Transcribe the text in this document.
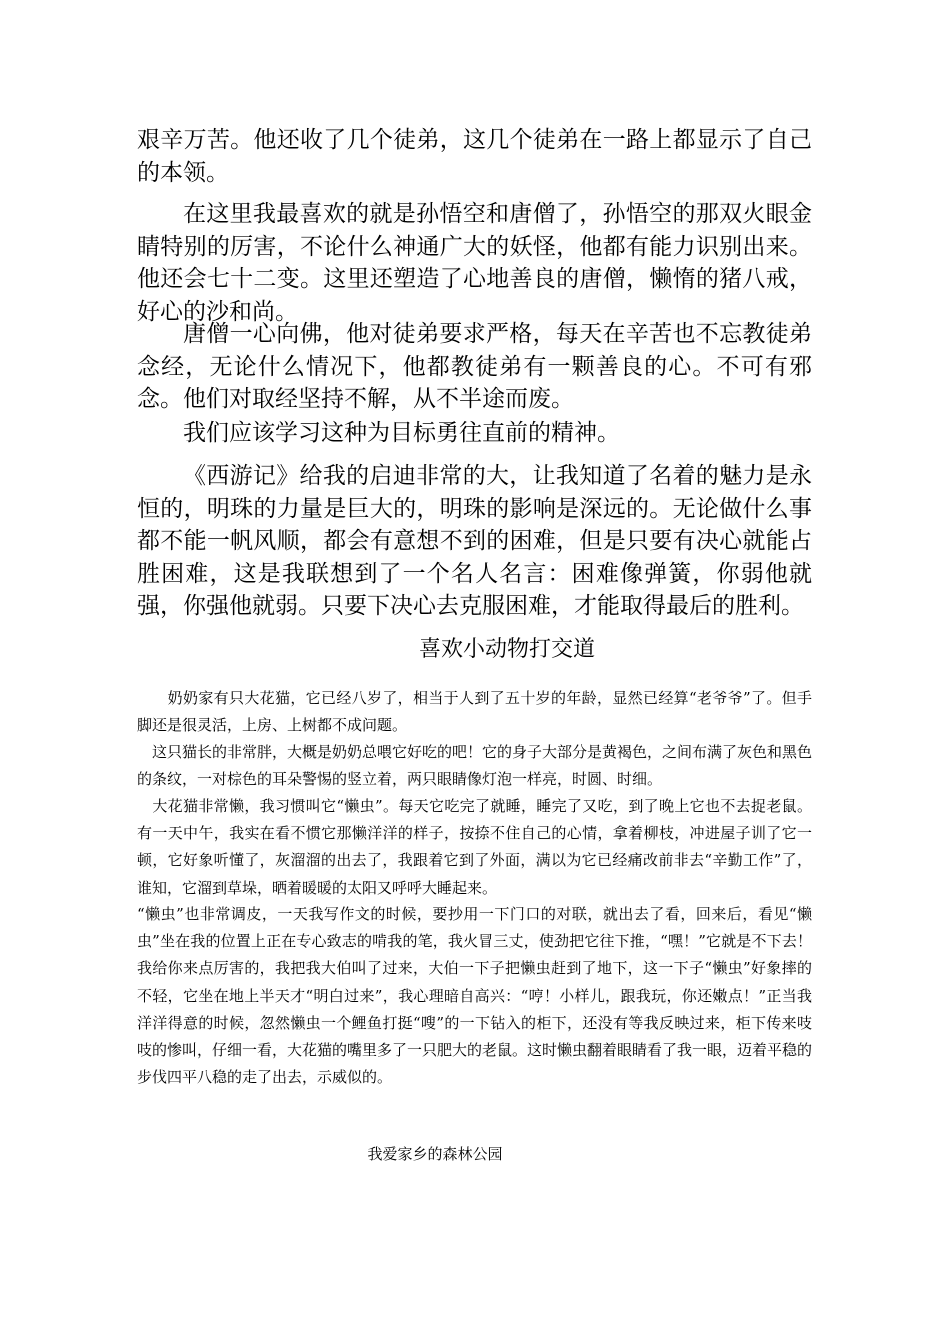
艰辛万苦。他还收了几个徒弟，这几个徒弟在一路上都显示了自己的本领。

在这里我最喜欢的就是孙悟空和唐僧了，孙悟空的那双火眼金睛特别的厉害，不论什么神通广大的妖怪，他都有能力识别出来。他还会七十二变。这里还塑造了心地善良的唐僧，懒惰的猪八戒，好心的沙和尚。

唐僧一心向佛，他对徒弟要求严格，每天在辛苦也不忘教徒弟念经，无论什么情况下，他都教徒弟有一颗善良的心。不可有邪念。他们对取经坚持不解，从不半途而废。

我们应该学习这种为目标勇往直前的精神。

《西游记》给我的启迪非常的大，让我知道了名着的魅力是永恒的，明珠的力量是巨大的，明珠的影响是深远的。无论做什么事都不能一帆风顺，都会有意想不到的困难，但是只要有决心就能占胜困难，这是我联想到了一个名人名言：困难像弹簧，你弱他就强，你强他就弱。只要下决心去克服困难，才能取得最后的胜利。

喜欢小动物打交道

　　奶奶家有只大花猫，它已经八岁了，相当于人到了五十岁的年龄，显然已经算“老爷爷”了。但手脚还是很灵活，上房、上树都不成问题。

　这只猫长的非常胖，大概是奶奶总喂它好吃的吧！它的身子大部分是黄褐色，之间布满了灰色和黑色的条纹，一对棕色的耳朵警惕的竖立着，两只眼睛像灯泡一样亮，时圆、时细。

　大花猫非常懒，我习惯叫它“懒虫”。每天它吃完了就睡，睡完了又吃，到了晚上它也不去捉老鼠。有一天中午，我实在看不惯它那懒洋洋的样子，按捺不住自己的心情，拿着柳枝，冲进屋子训了它一顿，它好象听懂了，灰溜溜的出去了，我跟着它到了外面，满以为它已经痛改前非去“辛勤工作”了，谁知，它溜到草垛，晒着暖暖的太阳又呼呼大睡起来。

“懒虫”也非常调皮，一天我写作文的时候，要抄用一下门口的对联，就出去了看，回来后，看见“懒虫”坐在我的位置上正在专心致志的啃我的笔，我火冒三丈，使劲把它往下推，“嘿！”它就是不下去！我给你来点厉害的，我把我大伯叫了过来，大伯一下子把懒虫赶到了地下，这一下子“懒虫”好象摔的不轻，它坐在地上半天才“明白过来”，我心理暗自高兴：“哼！小样儿，跟我玩，你还嫩点！”正当我洋洋得意的时候，忽然懒虫一个鲤鱼打挺“嗖”的一下钻入的柜下，还没有等我反映过来，柜下传来吱吱的惨叫，仔细一看，大花猫的嘴里多了一只肥大的老鼠。这时懒虫翻着眼睛看了我一眼，迈着平稳的步伐四平八稳的走了出去，示威似的。

我爱家乡的森林公园
